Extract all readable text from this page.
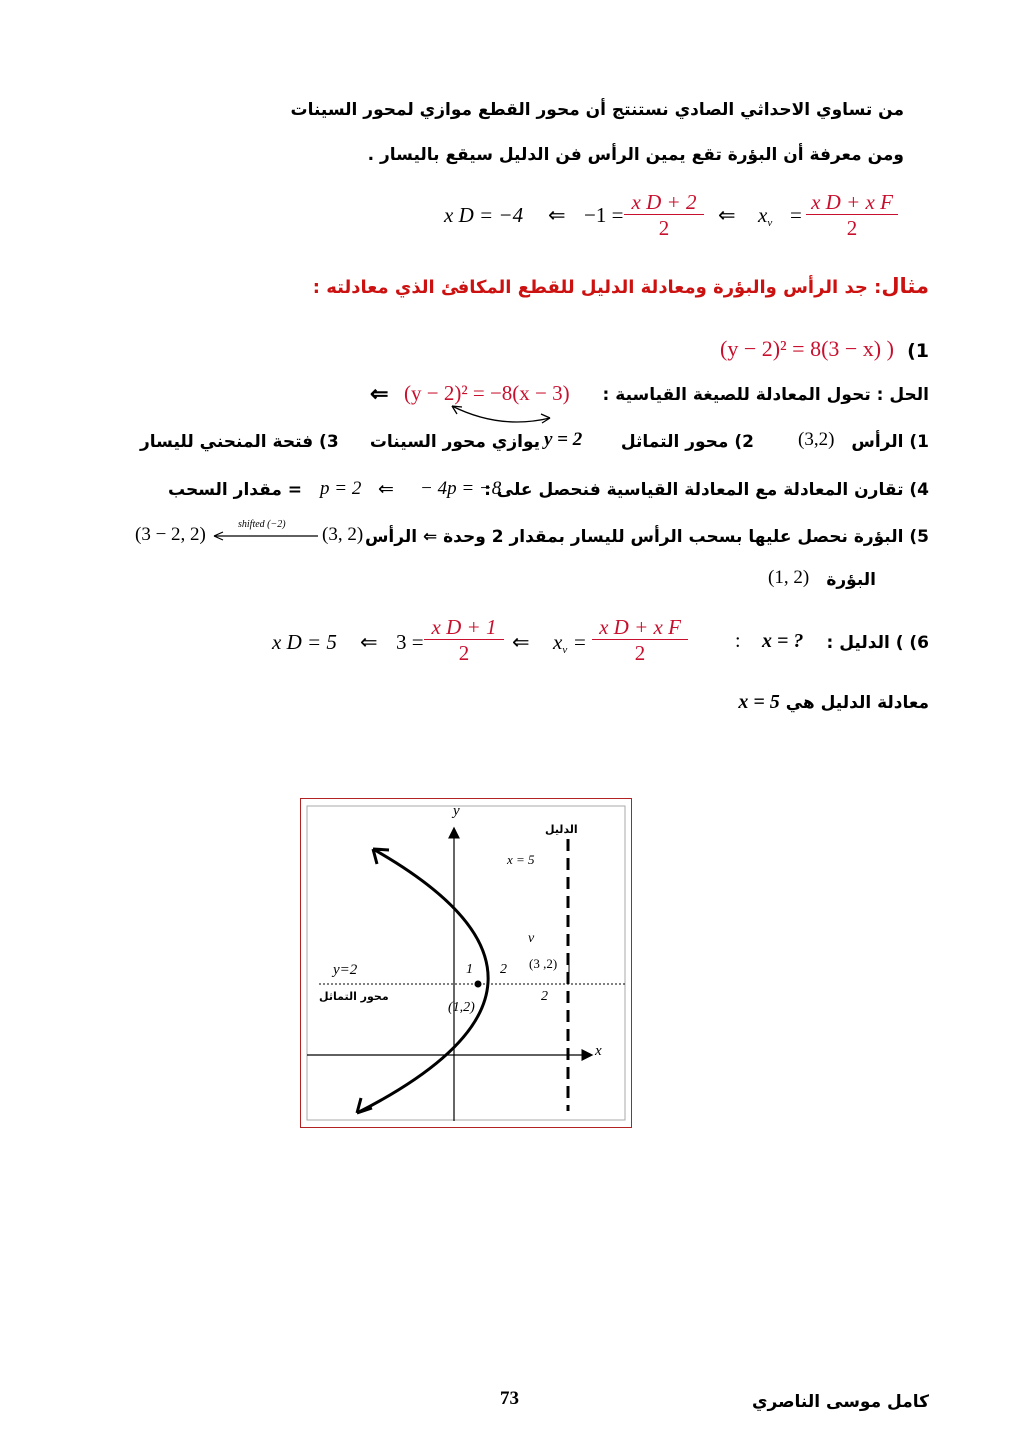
من تساوي الاحداثي الصادي نستنتج أن محور القطع موازي لمحور السينات
ومن معرفة أن البؤرة تقع يمين الرأس فن الدليل سيقع باليسار .
x D = −4 ⇐ $-1 = \frac{\text{x D + 2}}{2}$ ⇐ $x_v = \frac{\text{x D + x F}}{2}$
مثال: جد الرأس والبؤرة ومعادلة الدليل للقطع المكافئ الذي معادلته :
1)
(y − 2)² = 8(3 − x) )
الحل : تحول المعادلة للصيغة القياسية :
(y − 2)² = −8(x − 3)
⇐
1) الرأس
(3,2)
2) محور التماثل
y = 2
يوازي محور السينات
3) فتحة المنحني لليسار
4) تقارن المعادلة مع المعادلة القياسية فنحصل على :
− 4p = −8
⇐
p = 2
= مقدار السحب
5) البؤرة نحصل عليها بسحب الرأس لليسار بمقدار 2 وحدة ⇐ الرأس
(3, 2)
shifted (−2)
(3 − 2, 2)
البؤرة
(1, 2)
6) ) الدليل :
x = ?
:
$\frac{\text{x D + x F}}{2}$
=
$x_v$
⇐
$\frac{\text{x D + 1}}{2}$
3 =
⇐
x D = 5
معادلة الدليل هي x = 5
y
x
الدليل
x = 5
v
(3 ,2)
y=2
محور التماثل
1 2
2
(1,2)
كامل موسى الناصري
73
